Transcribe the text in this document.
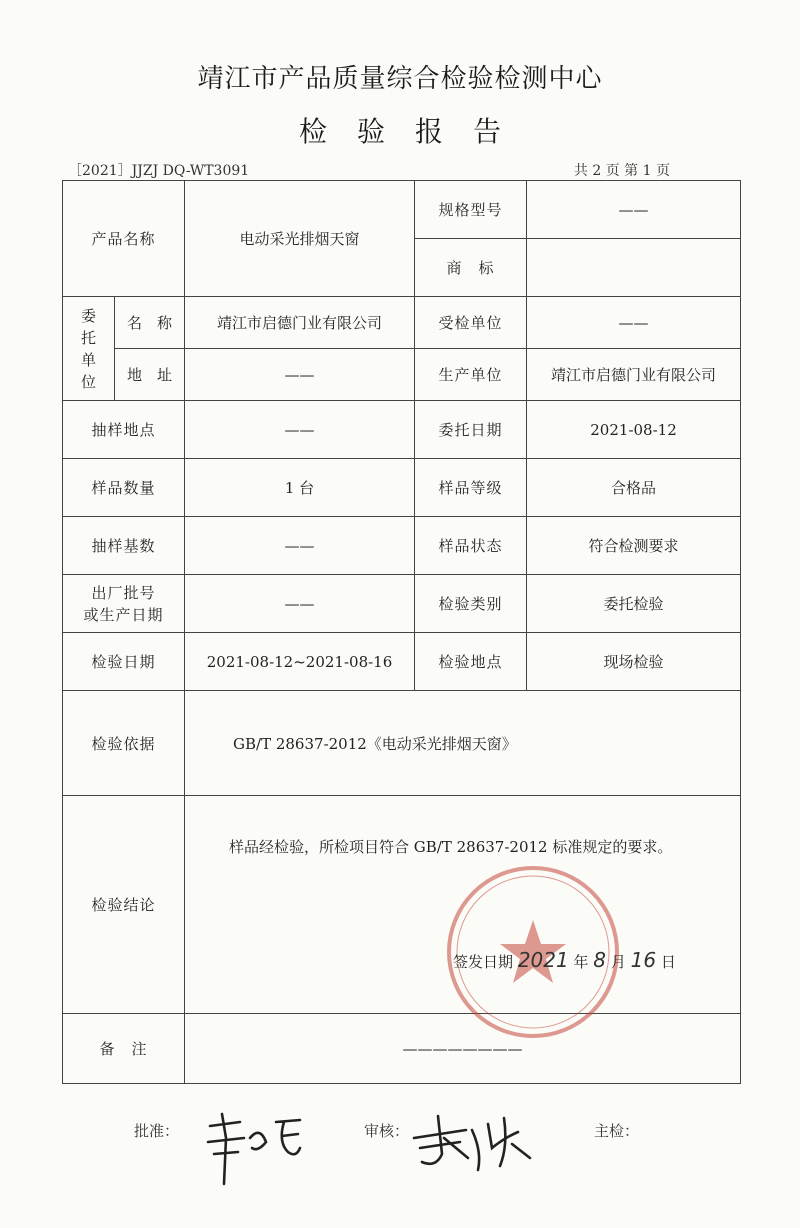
靖江市产品质量综合检验检测中心
检验报告
［2021］JJZJ DQ-WT3091	共 2 页 第 1 页
产品名称		电动采光排烟天窗	规格型号	——
			商　标	

委
托
单
位	名　称	靖江市启德门业有限公司	受检单位	——
	地　址	——	生产单位	靖江市启德门业有限公司
抽样地点		——	委托日期	2021-08-12
样品数量		1 台	样品等级	合格品
抽样基数		——	样品状态	符合检测要求

出厂批号
或生产日期		——	检验类别	委托检验
检验日期		2021-08-12~2021-08-16	检验地点	现场检验
检验依据		GB/T 28637-2012《电动采光排烟天窗》		
检验结论		样品经检验，所检项目符合 GB/T 28637-2012 标准规定的要求。
签发日期 2021 年 8 月 16 日		

备　注		————————		
批准：	审核：	主检：
